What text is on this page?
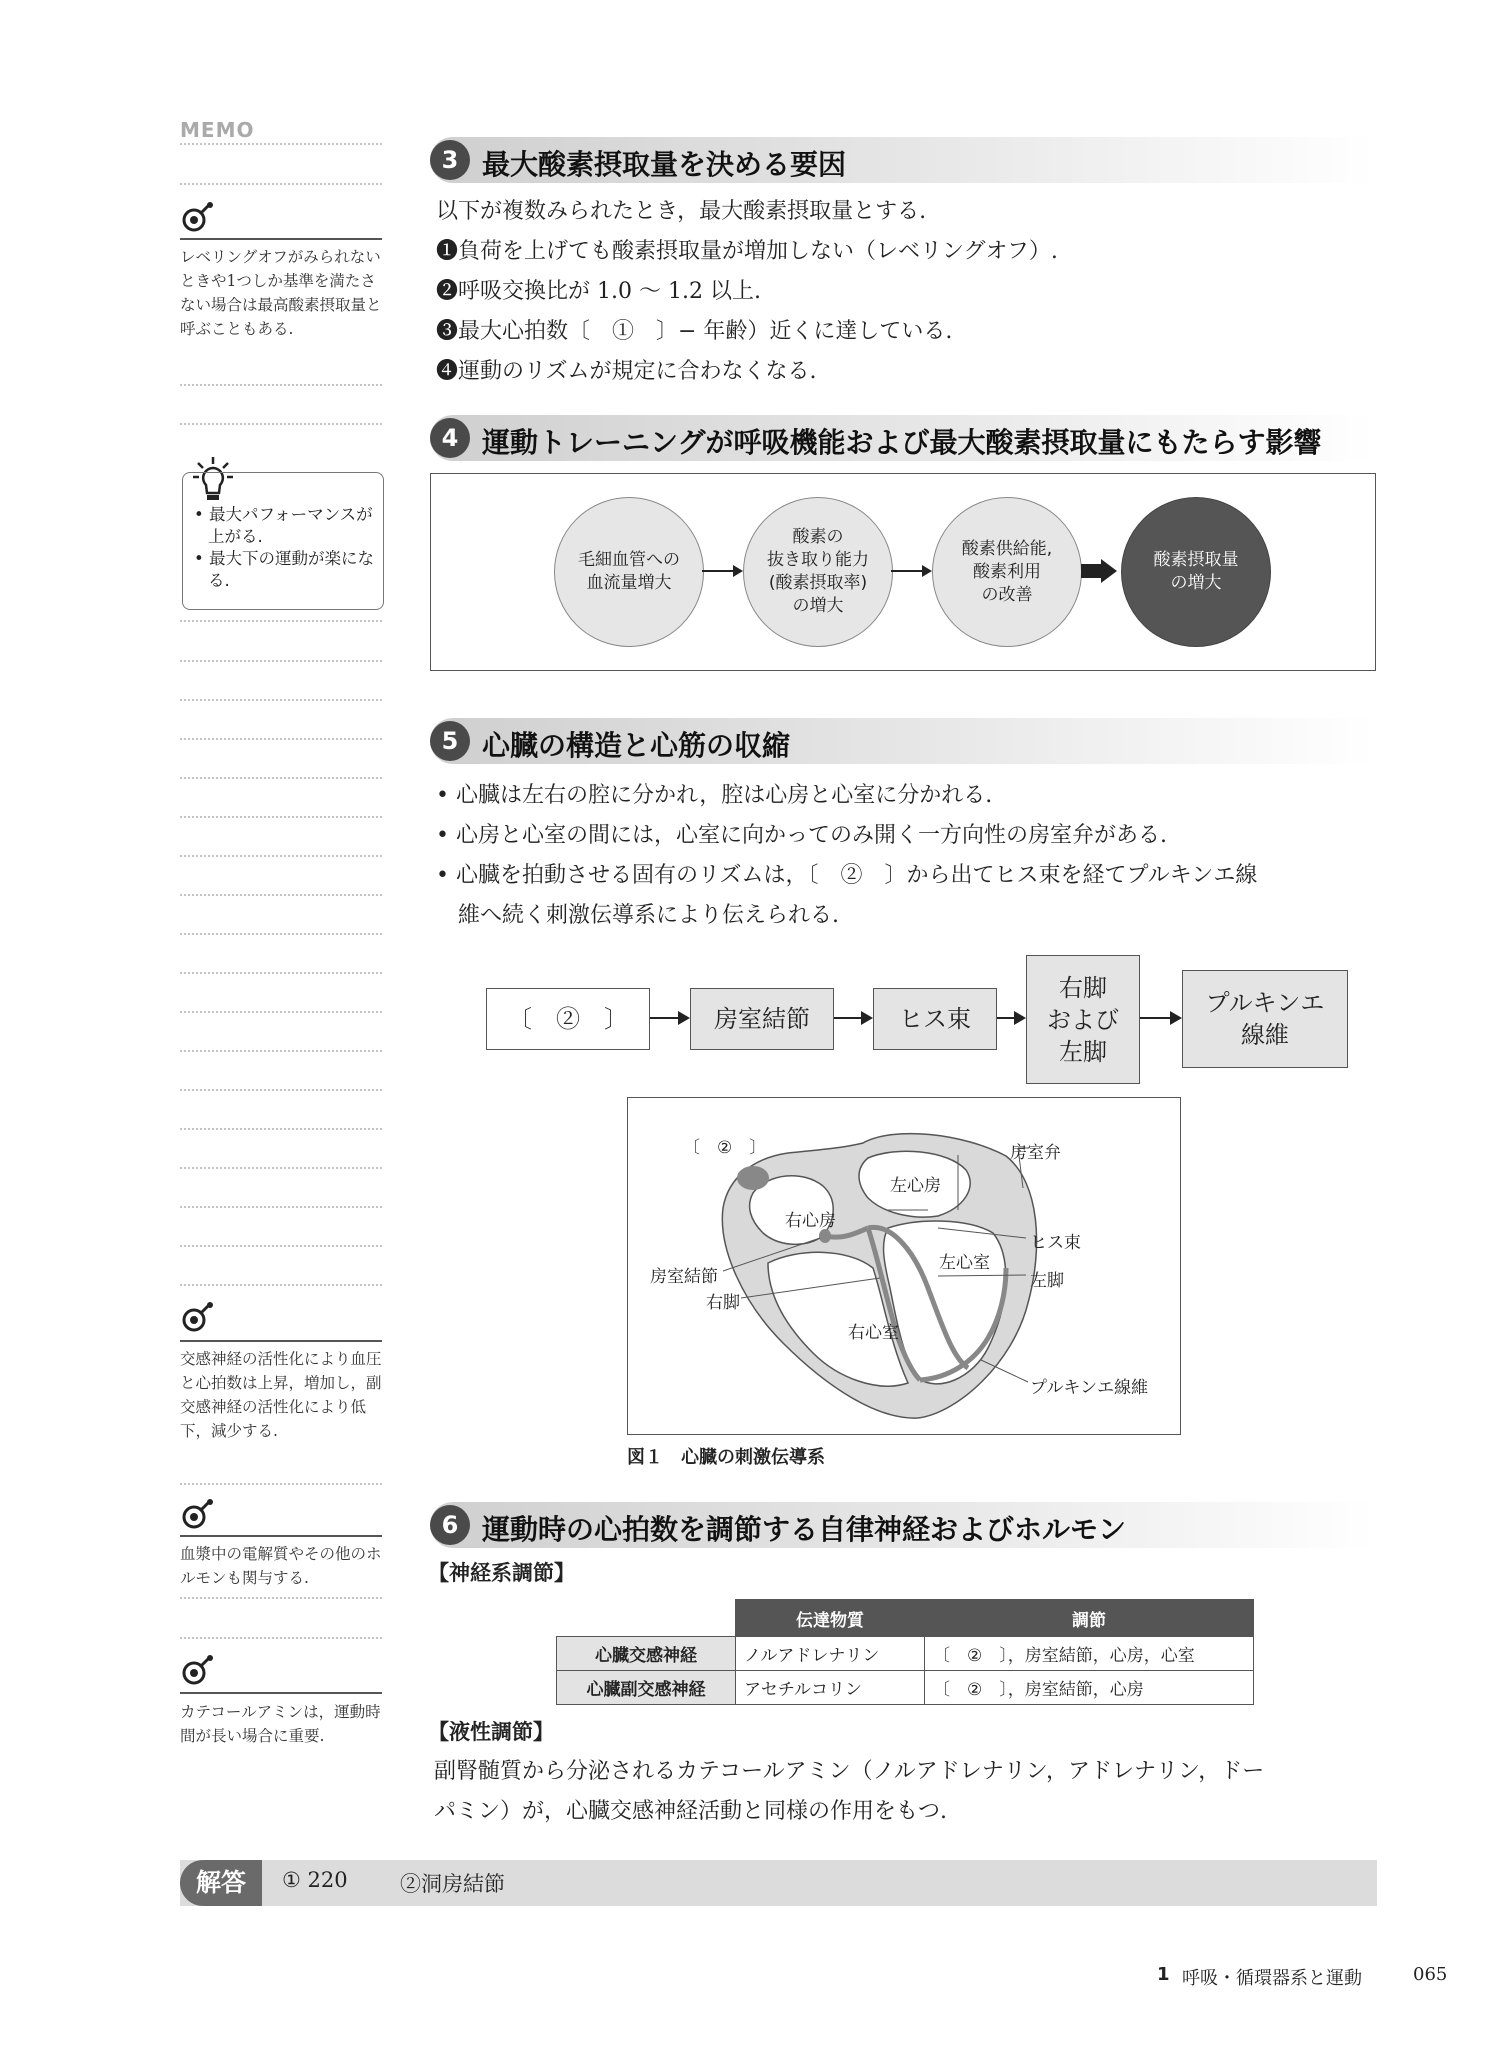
MEMO
レベリングオフがみられないときや1つしか基準を満たさない場合は最高酸素摂取量と呼ぶこともある.
• 最大パフォーマンスが上がる.
• 最大下の運動が楽になる.
交感神経の活性化により血圧と心拍数は上昇，増加し，副交感神経の活性化により低下，減少する.
血漿中の電解質やその他のホルモンも関与する.
カテコールアミンは，運動時間が長い場合に重要.
3 最大酸素摂取量を決める要因
以下が複数みられたとき，最大酸素摂取量とする.
❶負荷を上げても酸素摂取量が増加しない（レベリングオフ）.
❷呼吸交換比が 1.0 〜 1.2 以上.
❸最大心拍数〔　①　〕− 年齢）近くに達している.
❹運動のリズムが規定に合わなくなる.
4 運動トレーニングが呼吸機能および最大酸素摂取量にもたらす影響
毛細血管への
血流量増大
酸素の
抜き取り能力
(酸素摂取率)
の増大
酸素供給能,
酸素利用
の改善
酸素摂取量
の増大
5 心臓の構造と心筋の収縮
• 心臓は左右の腔に分かれ，腔は心房と心室に分かれる.
• 心房と心室の間には，心室に向かってのみ開く一方向性の房室弁がある.
• 心臓を拍動させる固有のリズムは，〔　②　〕から出てヒス束を経てプルキンエ線
維へ続く刺激伝導系により伝えられる.
〔　②　〕	房室結節	ヒス束
右脚
および
左脚
プルキンエ
線維
〔　②　〕	房室弁
左心房
右心房
ヒス束
房室結節
左心室
左脚
右脚
右心室
プルキンエ線維
図１　心臓の刺激伝導系
6 運動時の心拍数を調節する自律神経およびホルモン
【神経系調節】
	伝達物質	調節
心臓交感神経	ノルアドレナリン	〔　②　〕，房室結節，心房，心室
心臓副交感神経	アセチルコリン	〔　②　〕，房室結節，心房
【液性調節】
副腎髄質から分泌されるカテコールアミン（ノルアドレナリン，アドレナリン，ドー
パミン）が，心臓交感神経活動と同様の作用をもつ.
解答	① 220 ②洞房結節
1 呼吸・循環器系と運動	065
